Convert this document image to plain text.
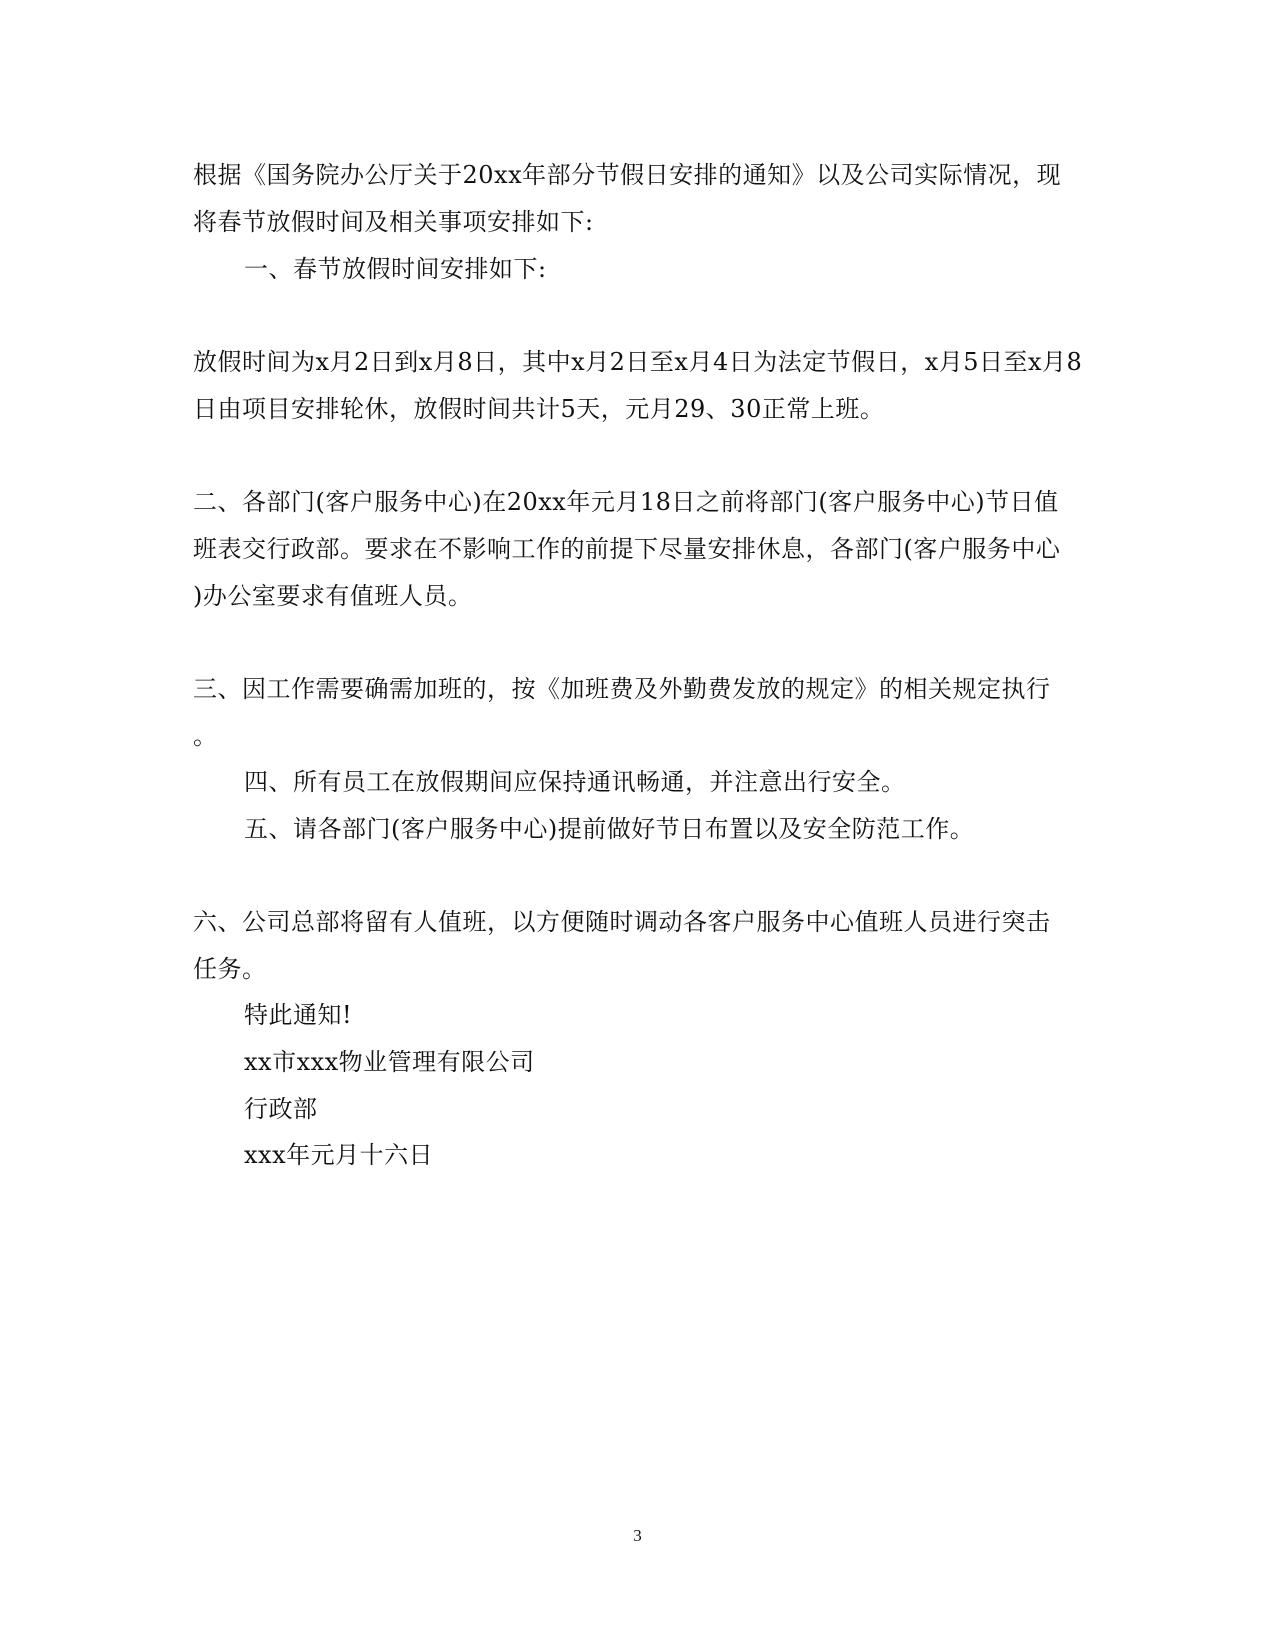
根据《国务院办公厅关于20xx年部分节假日安排的通知》以及公司实际情况，现
将春节放假时间及相关事项安排如下:
一、春节放假时间安排如下:
放假时间为x月2日到x月8日，其中x月2日至x月4日为法定节假日，x月5日至x月8
日由项目安排轮休，放假时间共计5天，元月29、30正常上班。
二、各部门(客户服务中心)在20xx年元月18日之前将部门(客户服务中心)节日值
班表交行政部。要求在不影响工作的前提下尽量安排休息，各部门(客户服务中心
)办公室要求有值班人员。
三、因工作需要确需加班的，按《加班费及外勤费发放的规定》的相关规定执行
。
四、所有员工在放假期间应保持通讯畅通，并注意出行安全。
五、请各部门(客户服务中心)提前做好节日布置以及安全防范工作。
六、公司总部将留有人值班，以方便随时调动各客户服务中心值班人员进行突击
任务。
特此通知!
xx市xxx物业管理有限公司
行政部
xxx年元月十六日
3
